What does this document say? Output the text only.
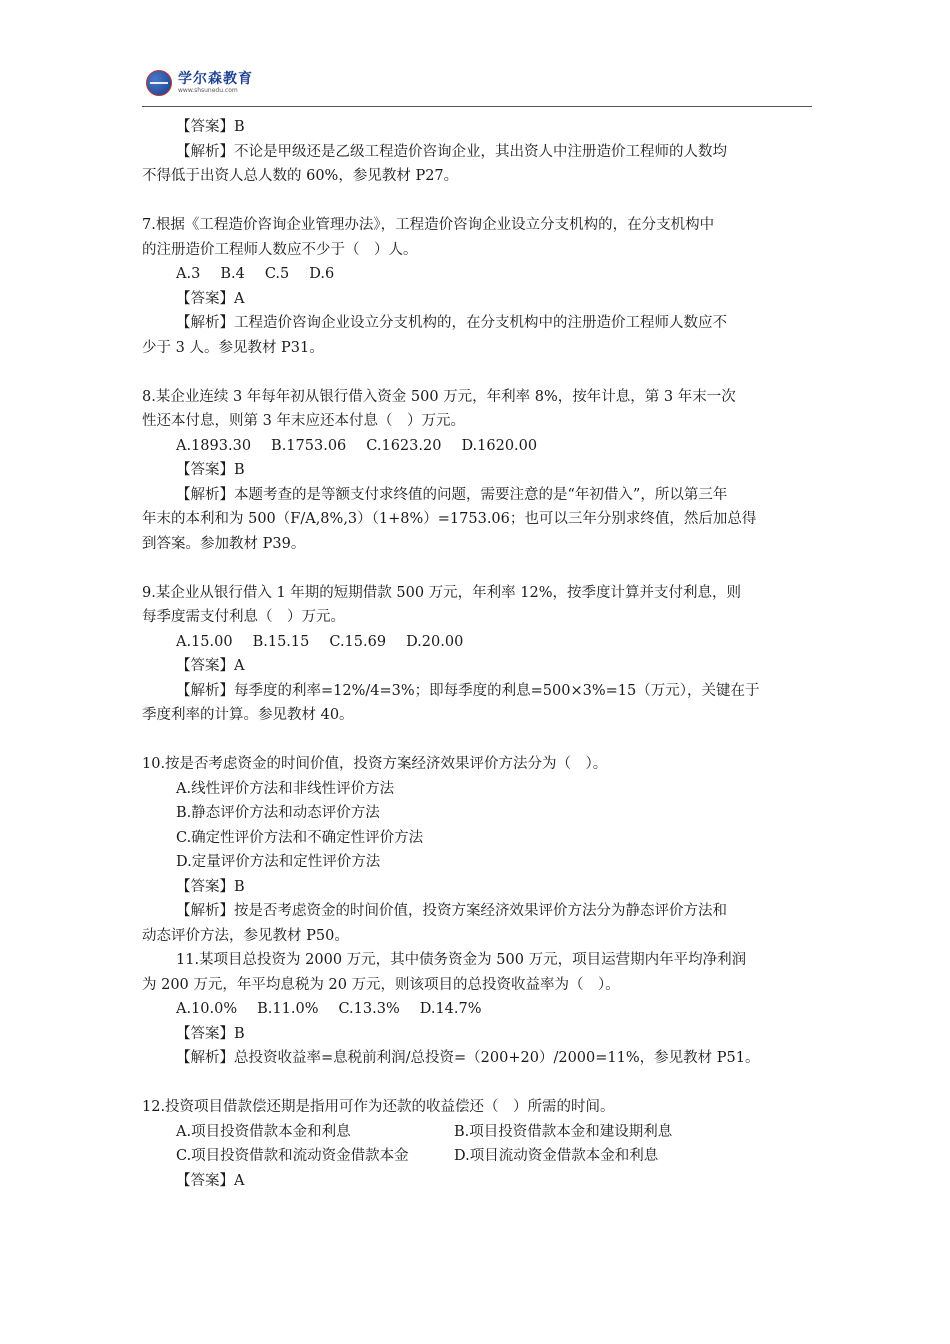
学尔森教育
www.shsunedu.com
【答案】B
【解析】不论是甲级还是乙级工程造价咨询企业，其出资人中注册造价工程师的人数均
不得低于出资人总人数的 60%，参见教材 P27。
7.根据《工程造价咨询企业管理办法》，工程造价咨询企业设立分支机构的，在分支机构中
的注册造价工程师人数应不少于（　）人。
A.3 B.4 C.5 D.6
【答案】A
【解析】工程造价咨询企业设立分支机构的，在分支机构中的注册造价工程师人数应不
少于 3 人。参见教材 P31。
8.某企业连续 3 年每年初从银行借入资金 500 万元，年利率 8%，按年计息，第 3 年末一次
性还本付息，则第 3 年末应还本付息（　）万元。
A.1893.30 B.1753.06 C.1623.20 D.1620.00
【答案】B
【解析】本题考查的是等额支付求终值的问题，需要注意的是“年初借入”，所以第三年
年末的本利和为 500（F/A,8%,3）（1+8%）=1753.06；也可以三年分别求终值，然后加总得
到答案。参加教材 P39。
9.某企业从银行借入 1 年期的短期借款 500 万元，年利率 12%，按季度计算并支付利息，则
每季度需支付利息（　）万元。
A.15.00 B.15.15 C.15.69 D.20.00
【答案】A
【解析】每季度的利率=12%/4=3%；即每季度的利息=500×3%=15（万元），关键在于
季度利率的计算。参见教材 40。
10.按是否考虑资金的时间价值，投资方案经济效果评价方法分为（　）。
A.线性评价方法和非线性评价方法
B.静态评价方法和动态评价方法
C.确定性评价方法和不确定性评价方法
D.定量评价方法和定性评价方法
【答案】B
【解析】按是否考虑资金的时间价值，投资方案经济效果评价方法分为静态评价方法和
动态评价方法，参见教材 P50。
11.某项目总投资为 2000 万元，其中债务资金为 500 万元，项目运营期内年平均净利润
为 200 万元，年平均息税为 20 万元，则该项目的总投资收益率为（　）。
A.10.0% B.11.0% C.13.3% D.14.7%
【答案】B
【解析】总投资收益率=息税前利润/总投资=（200+20）/2000=11%，参见教材 P51。
12.投资项目借款偿还期是指用可作为还款的收益偿还（　）所需的时间。
A.项目投资借款本金和利息	B.项目投资借款本金和建设期利息
C.项目投资借款和流动资金借款本金	D.项目流动资金借款本金和利息
【答案】A
